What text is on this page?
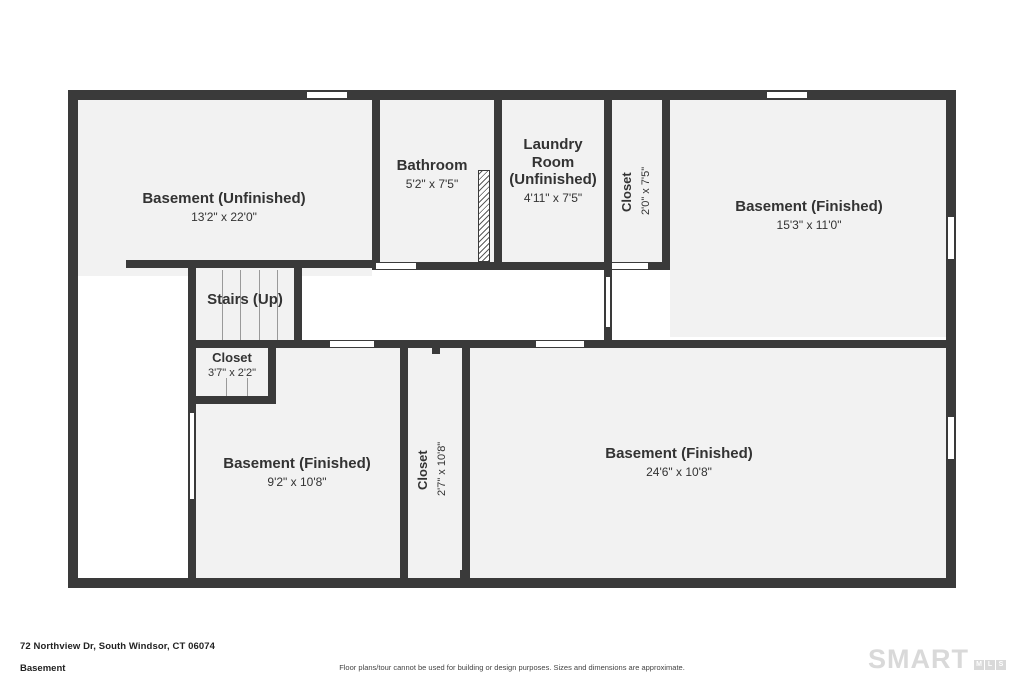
Basement (Unfinished)
13'2" x 22'0"
Bathroom
5'2" x 7'5"
Laundry
Room
(Unfinished)
4'11" x 7'5"	Closet 2'0" x 7'5"	Basement (Finished)
15'3" x 11'0"
Stairs (Up)
Closet
3'7" x 2'2"
Basement (Finished)
9'2" x 10'8"	Closet 2'7" x 10'8"	Basement (Finished)
24'6" x 10'8"
72 Northview Dr, South Windsor, CT 06074
Basement	Floor plans/tour cannot be used for building or design purposes. Sizes and dimensions are approximate.	SMART M L S
